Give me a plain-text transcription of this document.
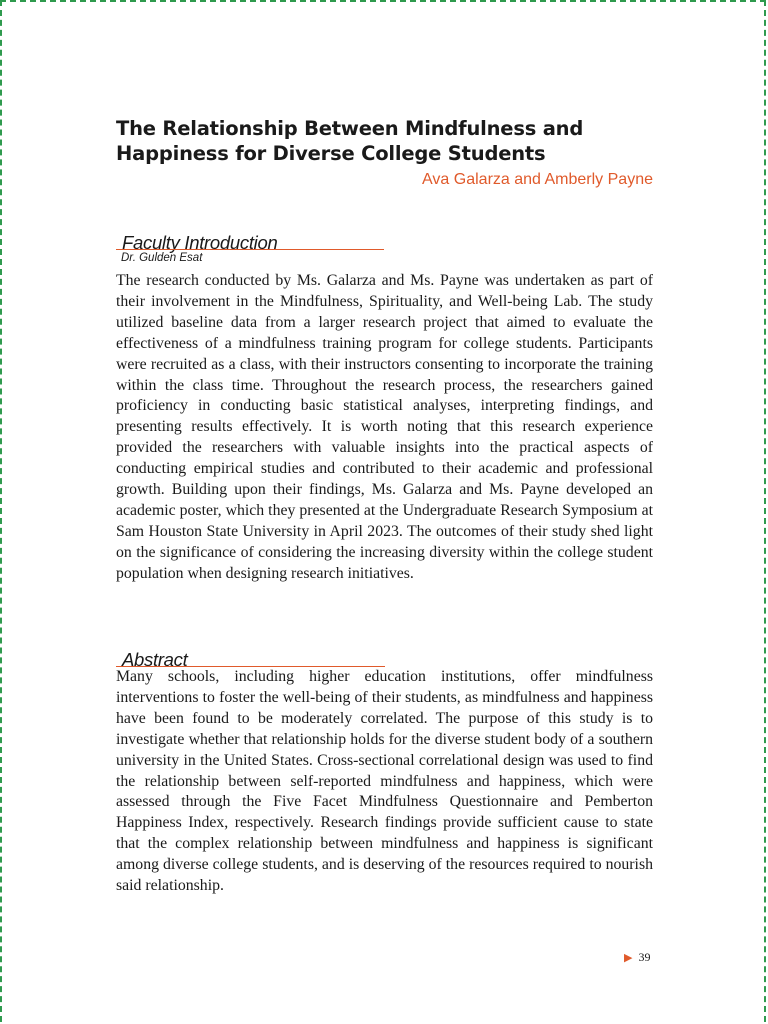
The Relationship Between Mindfulness and Happiness for Diverse College Students
Ava Galarza and Amberly Payne
Faculty Introduction
Dr. Gulden Esat

The research conducted by Ms. Galarza and Ms. Payne was undertaken as part of their involvement in the Mindfulness, Spirituality, and Well-being Lab. The study utilized baseline data from a larger research project that aimed to evaluate the effectiveness of a mindfulness training program for college students. Participants were recruited as a class, with their instructors consenting to incorporate the training within the class time. Throughout the research process, the researchers gained proficiency in conducting basic statistical analyses, interpreting findings, and presenting results effectively. It is worth noting that this research experience provided the researchers with valuable insights into the practical aspects of conducting empirical studies and contributed to their academic and professional growth. Building upon their findings, Ms. Galarza and Ms. Payne developed an academic poster, which they presented at the Undergraduate Research Symposium at Sam Houston State University in April 2023. The outcomes of their study shed light on the significance of considering the increasing diversity within the college student population when designing research initiatives.

Abstract

Many schools, including higher education institutions, offer mindfulness interventions to foster the well-being of their students, as mindfulness and happiness have been found to be moderately correlated. The purpose of this study is to investigate whether that relationship holds for the diverse student body of a southern university in the United States. Cross-sectional correlational design was used to find the relationship between self-reported mindfulness and happiness, which were assessed through the Five Facet Mindfulness Questionnaire and Pemberton Happiness Index, respectively. Research findings provide sufficient cause to state that the complex relationship between mindfulness and happiness is significant among diverse college students, and is deserving of the resources required to nourish said relationship.

▶ 39
